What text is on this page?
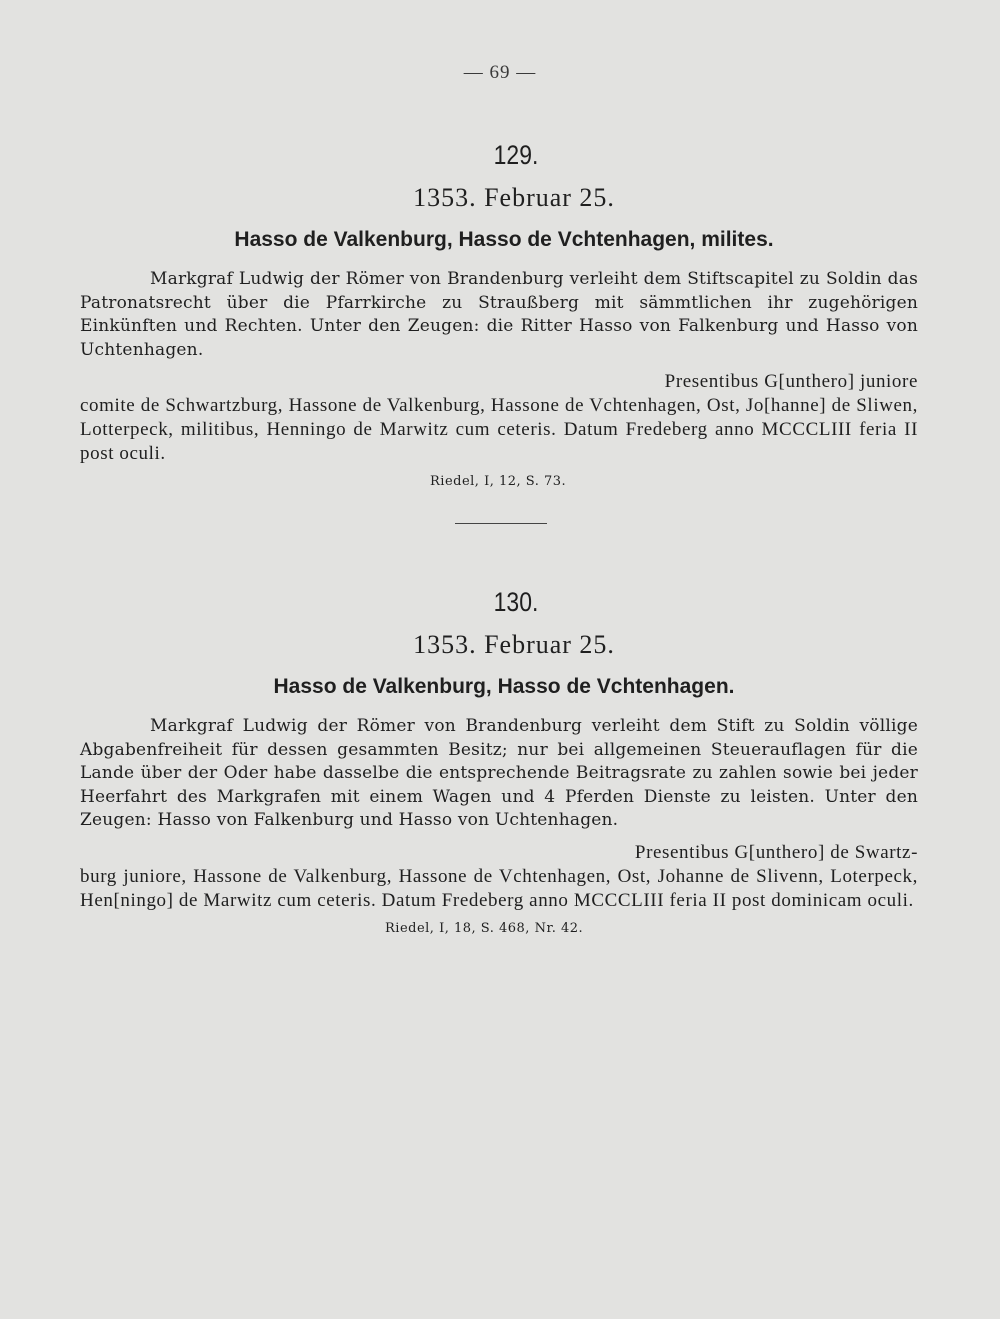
— 69 —
129.
1353. Februar 25.
Hasso de Valkenburg, Hasso de Vchtenhagen, milites.

Markgraf Ludwig der Römer von Brandenburg verleiht dem Stiftscapitel zu Soldin das Patronatsrecht über die Pfarrkirche zu Straußberg mit sämmtlichen ihr zugehörigen Einkünften und Rechten. Unter den Zeugen: die Ritter Hasso von Falkenburg und Hasso von Uchtenhagen.

Presentibus G[unthero] juniore
comite de Schwartzburg, Hassone de Valkenburg, Hassone de Vchtenhagen, Ost, Jo[hanne] de Sliwen, Lotterpeck, militibus, Henningo de Marwitz cum ceteris. Datum Fredeberg anno MCCCLIII feria II post oculi.

Riedel, I, 12, S. 73.
130.
1353. Februar 25.
Hasso de Valkenburg, Hasso de Vchtenhagen.

Markgraf Ludwig der Römer von Brandenburg verleiht dem Stift zu Soldin völlige Abgabenfreiheit für dessen gesammten Besitz; nur bei allgemeinen Steuerauflagen für die Lande über der Oder habe dasselbe die entsprechende Beitragsrate zu zahlen sowie bei jeder Heerfahrt des Markgrafen mit einem Wagen und 4 Pferden Dienste zu leisten. Unter den Zeugen: Hasso von Falkenburg und Hasso von Uchtenhagen.

Presentibus G[unthero] de Swartz-
burg juniore, Hassone de Valkenburg, Hassone de Vchtenhagen, Ost, Johanne de Slivenn, Loterpeck, Hen[ningo] de Marwitz cum ceteris. Datum Fredeberg anno MCCCLIII feria II post dominicam oculi.

Riedel, I, 18, S. 468, Nr. 42.
